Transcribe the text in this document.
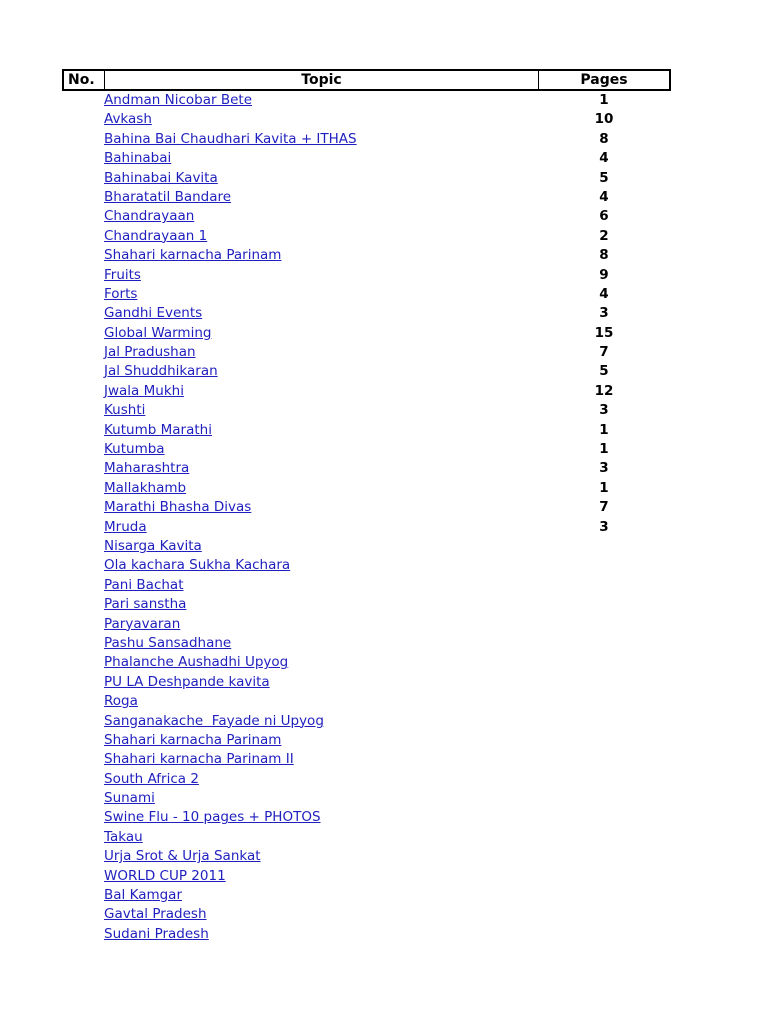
No.	Topic	Pages
Andman Nicobar Bete	1
Avkash	10
Bahina Bai Chaudhari Kavita + ITHAS	8
Bahinabai	4
Bahinabai Kavita	5
Bharatatil Bandare	4
Chandrayaan	6
Chandrayaan 1	2
Shahari karnacha Parinam	8
Fruits	9
Forts	4
Gandhi Events	3
Global Warming	15
Jal Pradushan	7
Jal Shuddhikaran	5
Jwala Mukhi	12
Kushti	3
Kutumb Marathi	1
Kutumba	1
Maharashtra	3
Mallakhamb	1
Marathi Bhasha Divas	7
Mruda	3
Nisarga Kavita
Ola kachara Sukha Kachara
Pani Bachat
Pari sanstha
Paryavaran
Pashu Sansadhane
Phalanche Aushadhi Upyog
PU LA Deshpande kavita
Roga
Sanganakache  Fayade ni Upyog
Shahari karnacha Parinam
Shahari karnacha Parinam II
South Africa 2
Sunami
Swine Flu - 10 pages + PHOTOS
Takau
Urja Srot & Urja Sankat
WORLD CUP 2011
Bal Kamgar
Gavtal Pradesh
Sudani Pradesh
